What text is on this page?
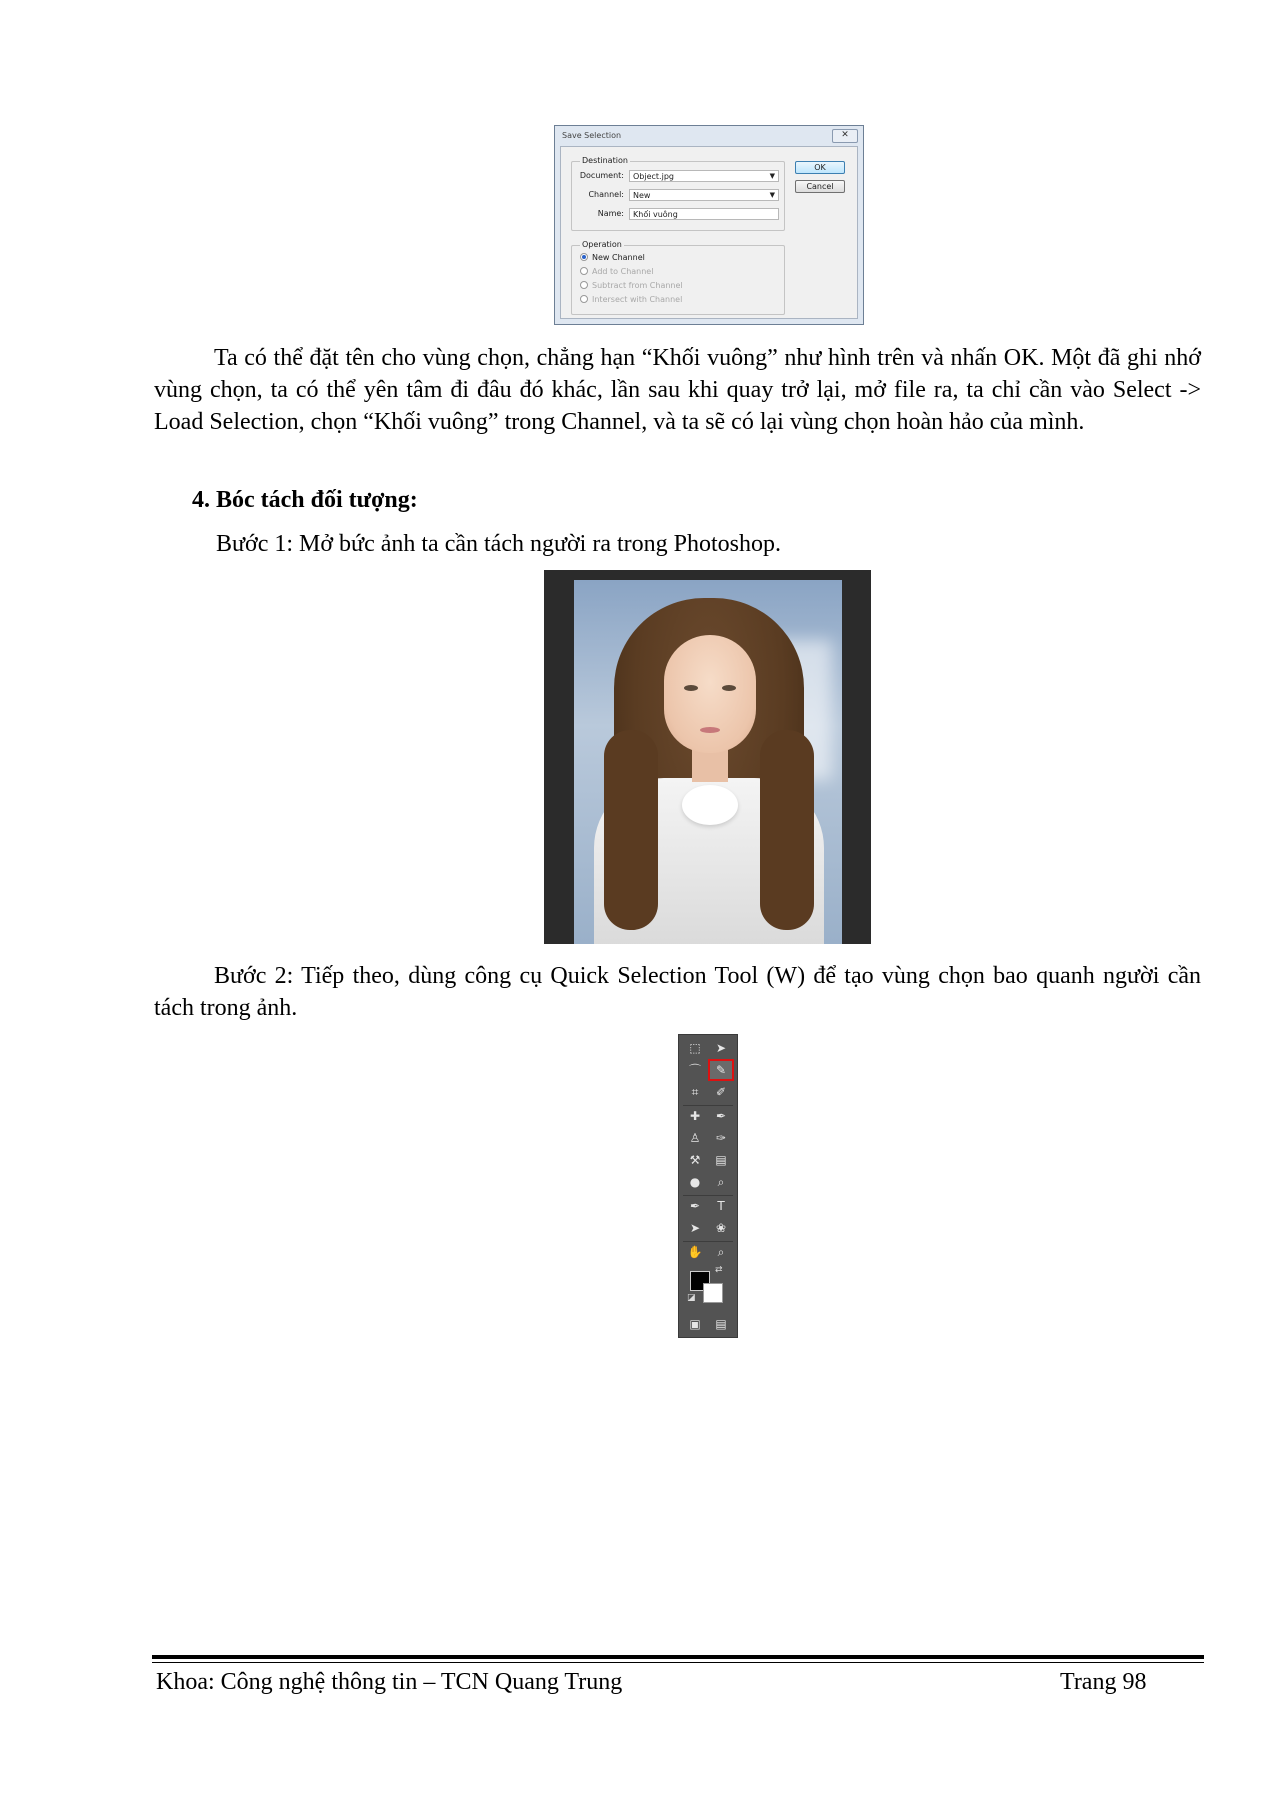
Save Selection	✕
Destination
Document:	Object.jpg	▼
Channel:	New	▼
Name:	Khối vuông
Operation
New Channel
Add to Channel
Subtract from Channel
Intersect with Channel
OK
Cancel

Ta có thể đặt tên cho vùng chọn, chẳng hạn “Khối vuông” như hình trên và nhấn OK. Một đã ghi nhớ vùng chọn, ta có thể yên tâm đi đâu đó khác, lần sau khi quay trở lại, mở file ra, ta chỉ cần vào Select -> Load Selection, chọn “Khối vuông” trong Channel, và ta sẽ có lại vùng chọn hoàn hảo của mình.

4. Bóc tách đối tượng:

Bước 1: Mở bức ảnh ta cần tách người ra trong Photoshop.

Bước 2: Tiếp theo, dùng công cụ Quick Selection Tool (W) để tạo vùng chọn bao quanh người cần tách trong ảnh.

⬚	➤
⌒	✎
⌗	✐
✚	✒
♙	✑
⚒	▤
●	⌕
✒	T
➤	❀
✋	⌕
⇄
◪
▣	▤
Khoa: Công nghệ thông tin – TCN Quang Trung	Trang 98
